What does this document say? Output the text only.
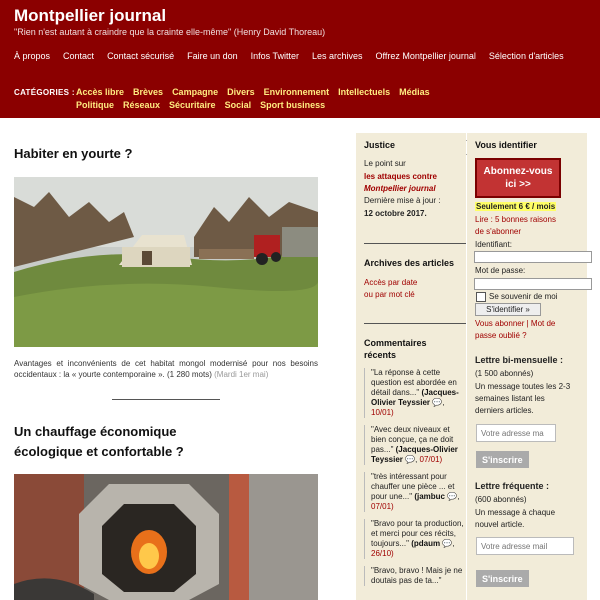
Montpellier journal
"Rien n'est autant à craindre que la crainte elle-même" (Henry David Thoreau)
À propos Contact Contact sécurisé Faire un don Infos Twitter Les archives Offrez Montpellier journal Sélection d'articles
CATÉGORIES : Accès libre Brèves Campagne Divers Environnement Intellectuels Médias
Politique Réseaux Sécuritaire Social Sport business
Habiter en yourte ?
Avantages et inconvénients de cet habitat mongol modernisé pour nos besoins occidentaux : la « yourte contemporaine ». (1 280 mots) (Mardi 1er mai)
Un chauffage économique
écologique et confortable ?
Justice
Le point sur
les attaques contre
Montpellier journal
Dernière mise à jour :
12 octobre 2017.
Archives des articles
Accès par date
ou par mot clé
Commentaires
récents
"La réponse à cette question est abordée en détail dans..." (Jacques-Olivier Teyssier 💬, 10/01)
"Avec deux niveaux et bien conçue, ça ne doit pas..." (Jacques-Olivier Teyssier 💬, 07/01)
"très intéressant pour chauffer une pièce ... et pour une..." (jambuc 💬, 07/01)
"Bravo pour ta production, et merci pour ces récits, toujours..." (pdaum 💬, 26/10)
"Bravo, bravo ! Mais je ne doutais pas de ta..."
Vous identifier
Abonnez-vous
ici >>
Seulement 6 € / mois
Lire : 5 bonnes raisons
de s'abonner
Identifiant:
Mot de passe:
Se souvenir de moi
S'identifier »
Vous abonner | Mot de
passe oublié ?
Lettre bi-mensuelle :
(1 500 abonnés)
Un message toutes les 2-3
semaines listant les
derniers articles.
Votre adresse ma
S'inscrire
Lettre fréquente :
(600 abonnés)
Un message à chaque
nouvel article.
Votre adresse mail
S'inscrire
